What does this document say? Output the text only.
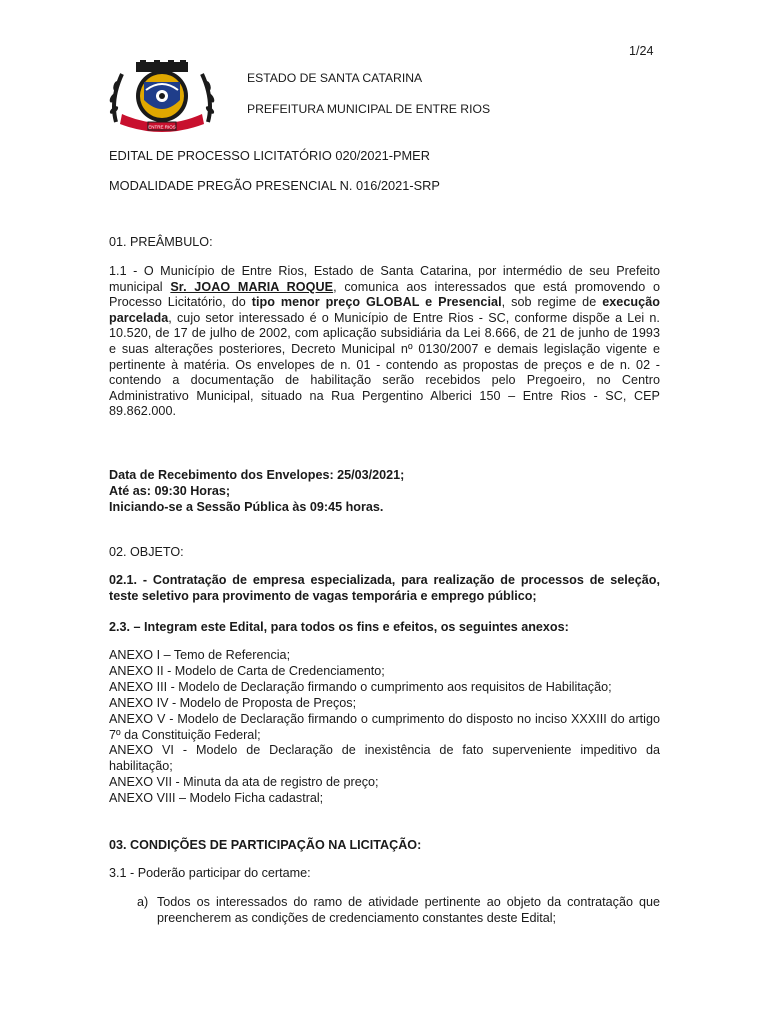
1/24
ENTRE RIOS
ESTADO DE SANTA CATARINA
PREFEITURA MUNICIPAL DE ENTRE RIOS
EDITAL DE PROCESSO LICITATÓRIO 020/2021-PMER
MODALIDADE PREGÃO PRESENCIAL N. 016/2021-SRP
01. PREÂMBULO:
1.1 - O Município de Entre Rios, Estado de Santa Catarina, por intermédio de seu Prefeito municipal Sr. JOAO MARIA ROQUE, comunica aos interessados que está promovendo o Processo Licitatório, do tipo menor preço GLOBAL e Presencial, sob regime de execução parcelada, cujo setor interessado é o Município de Entre Rios - SC, conforme dispõe a Lei n. 10.520, de 17 de julho de 2002, com aplicação subsidiária da Lei 8.666, de 21 de junho de 1993 e suas alterações posteriores, Decreto Municipal nº 0130/2007 e demais legislação vigente e pertinente à matéria. Os envelopes de n. 01 - contendo as propostas de preços e de n. 02 - contendo a documentação de habilitação serão recebidos pelo Pregoeiro, no Centro Administrativo Municipal, situado na Rua Pergentino Alberici 150 – Entre Rios - SC, CEP 89.862.000.
Data de Recebimento dos Envelopes: 25/03/2021;
Até as: 09:30 Horas;
Iniciando-se a Sessão Pública às 09:45 horas.
02. OBJETO:
02.1. - Contratação de empresa especializada, para realização de processos de seleção, teste seletivo para provimento de vagas temporária e emprego público;
2.3. – Integram este Edital, para todos os fins e efeitos, os seguintes anexos:
ANEXO I – Temo de Referencia;
ANEXO II - Modelo de Carta de Credenciamento;
ANEXO III - Modelo de Declaração firmando o cumprimento aos requisitos de Habilitação;
ANEXO IV - Modelo de Proposta de Preços;
ANEXO V - Modelo de Declaração firmando o cumprimento do disposto no inciso XXXIII do artigo 7º da Constituição Federal;
ANEXO VI - Modelo de Declaração de inexistência de fato superveniente impeditivo da habilitação;
ANEXO VII - Minuta da ata de registro de preço;
ANEXO VIII – Modelo Ficha cadastral;
03. CONDIÇÕES DE PARTICIPAÇÃO NA LICITAÇÃO:
3.1 - Poderão participar do certame:
a) Todos os interessados do ramo de atividade pertinente ao objeto da contratação que preencherem as condições de credenciamento constantes deste Edital;
